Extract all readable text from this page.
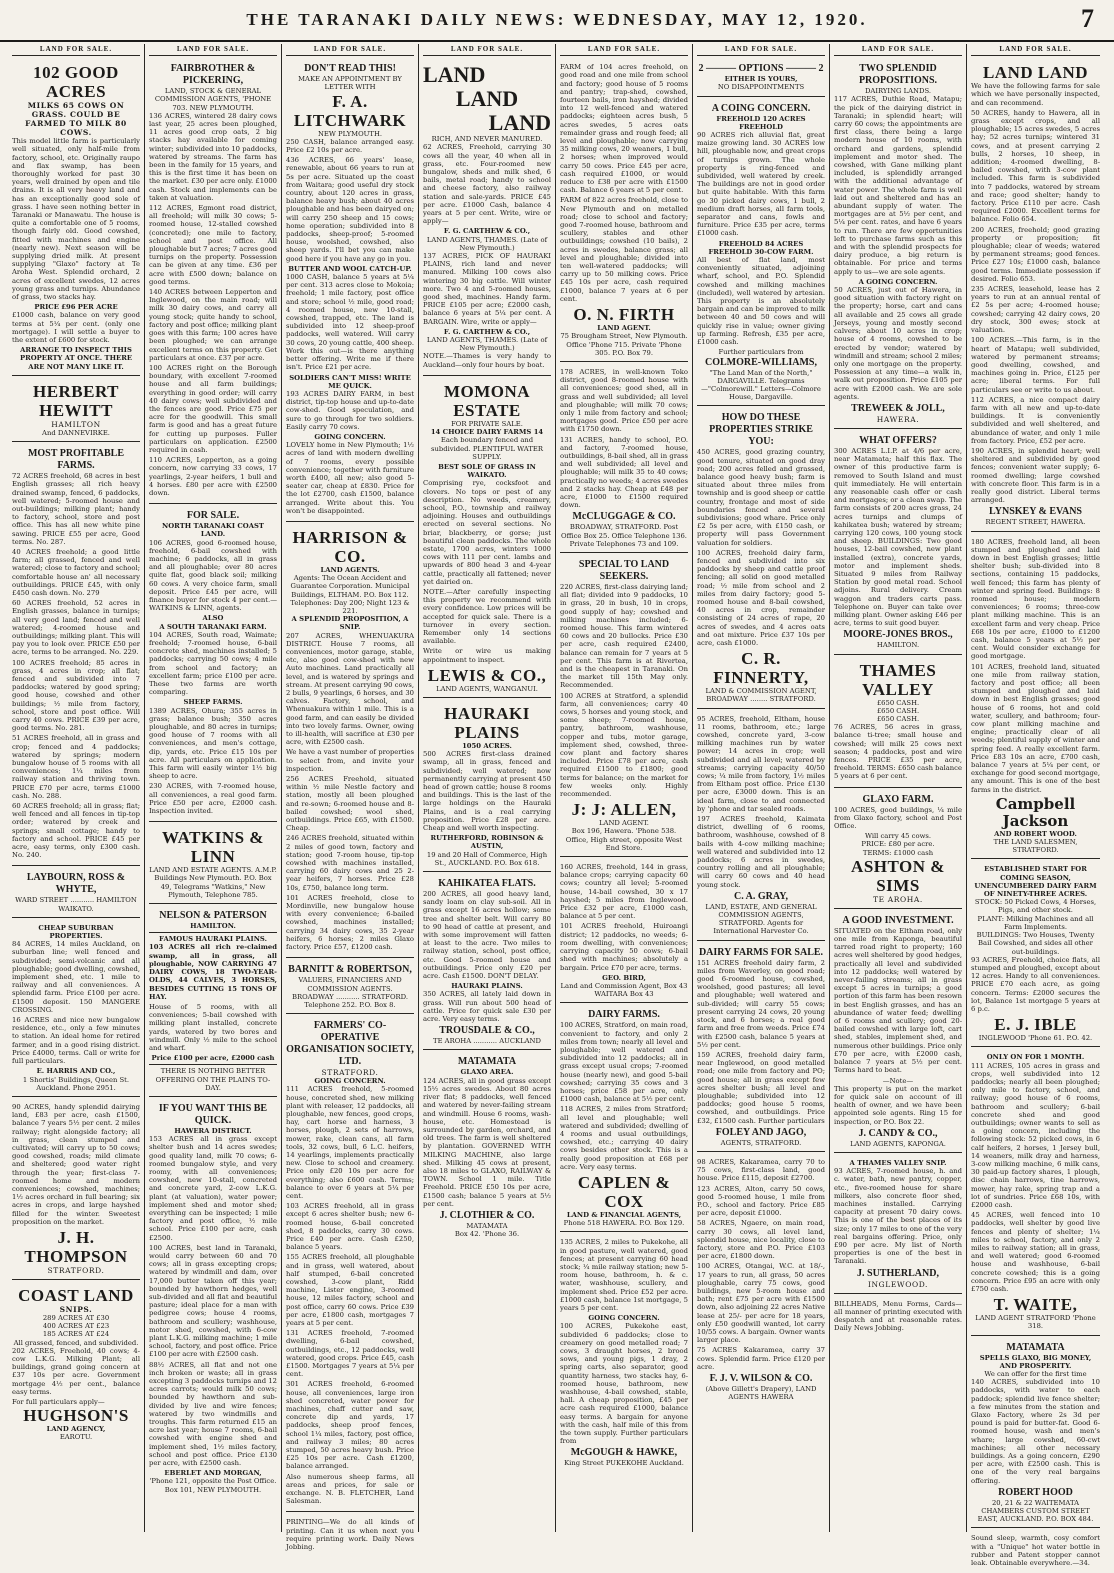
THE TARANAKI DAILY NEWS: WEDNESDAY, MAY 12, 1920.	7
LAND FOR SALE.
102 GOOD ACRES
MILKS 65 COWS ON GRASS. COULD BE FARMED TO MILK 80 COWS.

This model little farm is particularly well situated, only half-mile from factory, school, etc. Originally raupo and flax swamp, has been thoroughly worked for past 30 years, well drained by open and tile drains. It is all very heavy land and has an exceptionally good sole of grass. I have seen nothing better in Taranaki or Manawatu. The house is quite a comfortable one of 5 rooms, though fairly old. Good cowshed, fitted with machines and engine (nearly new). Next season will be supplying dried milk. At present supplying "Glaxo" factory at Te Aroha West. Splendid orchard, 2 acres of excellent swedes, 12 acres young grass and turnips. Abundance of grass, two stacks hay.

PRICE £96 PER ACRE

£1000 cash, balance on very good terms at 5¼ per cent. (only one mortgage). I will settle a buyer to the extent of £600 for stock.

ARRANGE TO INSPECT THIS PROPERTY AT ONCE. THERE ARE NOT MANY LIKE IT.
HERBERT HEWITT
HAMILTON
And DANNEVIRKE.
MOST PROFITABLE FARMS.

72 ACRES freehold, 68 acres in best English grasses; all rich heavy drained swamp, fenced, 6 paddocks, well watered; 5-roomed house and out-buildings; milking plant; handy to factory, school, store and post office. This has all new white pine sawing. PRICE £55 per acre, Good terms. No. 287.

40 ACRES freehold; a good little farm; all grassed, fenced and well watered; close to factory and school; comfortable house an' all necessary outbuildings. PRICE £45, with only £450 cash down. No. 279

60 ACRES freehold, 52 acres in English grasses, balance in turnips; all very good land; fenced and well watered; 4-roomed house and outbuildings; milking plant. This will pay you to look over. PRICE £50 per acre, terms to be arranged. No. 229.

100 ACRES freehold; 85 acres in grass, 4 acres in crop; all flat; fenced and subdivided into 7 paddocks; watered by good spring; good house, cowshed and other buildings; ½ mile from factory, school, store and post office. Will carry 40 cows. PRICE £39 per acre, good terms. No. 281.

51 ACRES freehold, all in grass and crop; fenced and 4 paddocks; watered by springs; modern bungalow house of 5 rooms with all conveniences; 1¼ miles from railway station and thriving town. PRICE £70 per acre, terms £1000 cash. No. 288.

60 ACRES freehold; all in grass; flat; well fenced and all fences in tip-top order; watered by creek and springs; small cottage; handy to factory and school. PRICE £45 per acre, easy terms, only £300 cash. No. 240.

LAYBOURN, ROSS & WHYTE,
WARD STREET ........... HAMILTON WAIKATO.
CHEAP SUBURBAN PROPERTIES.

84 ACRES, 14 miles Auckland, on suburban line; well fenced and subdivided; semi-volcanic and all ploughable; good dwelling, cowshed, implement shed, etc. 1 mile to railway and all conveniences. A splendid farm. Price £100 per acre. £1500 deposit. 150 MANGERE CROSSING.

16 ACRES and nice new bungalow residence, etc., only a few minutes to station. An ideal home for retired farmer, and in a good rising district. Price £4000, terms. Call or write for full particulars.

E. HARRIS AND CO.,
1 Shortis' Buildings, Queen St. Auckland. Phone 2951.

90 ACRES, handy splendid dairying land, £83 per acre, cash £1500, balance 7 years 5½ per cent. 2 miles railway; right alongside factory; all in grass, clean stumped and cultivated; will carry up to 50 cows; good cowshed, roads; mild climate and sheltered; good water right through the year; first-class 7-roomed home and modern conveniences; cowshed, machines; 1½ acres orchard in full bearing; six acres in crops, and large hayshed filled for the winter. Sweetest proposition on the market.

J. H. THOMPSON
STRATFORD.
COAST LAND
SNIPS.
289 ACRES AT £30
400 ACRES AT £23
185 ACRES AT £24
All grassed, fenced, and subdivided.

202 ACRES, Freehold, 40 cows; 4-cow L.K.G. Milking Plant; all buildings, grand going concern at £37 10s per acre. Government mortgage 4½ per cent., balance easy terms.

For full particulars apply—
HUGHSON'S
LAND AGENCY,
EAROTU.
LAND FOR SALE.
FAIRBROTHER & PICKERING,
LAND, STOCK & GENERAL COMMISSION AGENTS, 'PHONE 703. NEW PLYMOUTH.

136 ACRES, wintered 28 dairy cows last year, 25 acres been ploughed, 11 acres good crop oats, 2 big stacks hay available for coming winter; subdivided into 10 paddocks, watered by streams. The farm has been in the family for 15 years, and this is the first time it has been on the market. £30 per acre only. £1000 cash. Stock and implements can be taken at valuation.

112 ACRES, Egmont road district, all freehold; will milk 30 cows; 5-roomed house, 12-stalled cowshed (concreted); one mile to factory, school and post office. All ploughable but 7 acres; 7 acres good turnips on the property. Possession can be given at any time. £36 per acre with £500 down; balance on good terms.

140 ACRES between Lepperton and Inglewood, on the main road; will milk 30 dairy cows, and carry all young stock; quite handy to school, factory and post office; milking plant goes with this farm; 100 acres have been ploughed; we can arrange excellent terms on this property. Get particulars at once. £37 per acre.

100 ACRES right on the Borough boundary, with excellent 7-roomed house and all farm buildings; everything in good order; will carry 40 dairy cows; well subdivided and the fences are good. Price £75 per acre for the goodwill. This small farm is good and has a great future for cutting up purposes. Fuller particulars on application. £2500 required in cash.

110 ACRES, Lepperton, as a going concern, now carrying 33 cows, 17 yearlings, 2-year heifers, 1 bull and 4 horses. £80 per acre with £2500 down.

FOR SALE.
NORTH TARANAKI COAST LAND.

106 ACRES, good 6-roomed house, freehold, 6-bail cowshed with machine; 6 paddocks, all in grass and all ploughable; over 80 acres quite flat, good black soil; milking 60 cows. A very choice farm, small deposit. Price £45 per acre, will finance buyer for stock 4 per cent.—WATKINS & LINN, agents.

ALSO
A SOUTH TARANAKI FARM.

104 ACRES, South road, Waimate; freehold; 7-roomed house, 6-bail concrete shed, machines installed; 5 paddocks; carrying 50 cows; 4 mile from school and factory; an excellent farm; price £100 per acre. These two farms are worth comparing.

SHEEP FARMS.

1389 ACRES, Ohura; 355 acres in grass; balance bush; 350 acres ploughable, and 80 acres in turnips; good house of 7 rooms with all conveniences, and men's cottage, dip, yards, etc. Price £15 10s per acre. All particulars on application. This farm will easily winter 1½ big sheep to acre.

230 ACRES, with 7-roomed house, all conveniences, a real good farm. Price £50 per acre, £2000 cash. Inspection invited.

WATKINS & LINN
LAND AND ESTATE AGENTS. A.M.P. Buildings New Plymouth. P.O. Box 49, Telegrams "Watkins," New Plymouth, Telephone 785.
NELSON & PATERSON
HAMILTON.
FAMOUS HAURAKI PLAINS.

103 ACRES all rich re-claimed swamp, all in grass, all ploughable, NOW CARRYING 47 DAIRY COWS, 18 TWO-YEAR-OLDS, 44 CALVES, 3 HORSES, BESIDES CUTTING 15 TONS OF HAY.

House of 5 rooms, with all conveniences; 5-bail cowshed with milking plant installed, concrete yards, watered by two bores and windmill. Only ½ mile to the school and wharf.

Price £100 per acre, £2000 cash
THERE IS NOTHING BETTER OFFERING ON THE PLAINS TO-DAY.
IF YOU WANT THIS BE QUICK.
HAWERA DISTRICT.

153 ACRES all in grass except shelter bush and 14 acres swedes; good quality land, milk 70 cows; 6-roomed bungalow style, and very roomy, with all conveniences; cowshed, new 10-stall, concreted and concrete yard, 2-cow L.K.G. plant (at valuation), water power; implement shed and motor shed; everything can be inspected; 1 mile factory and post office, ½ mile school. Price £100 per acre, cash £2500.

100 ACRES, best land in Taranaki, would carry between 60 and 70 cows; all in grass excepting crops; watered by windmill and dam, over 17,000 butter taken off this year; bounded by hawthorn hedges, well sub-divided and all flat and beautiful pasture; ideal place for a man with pedigree cows; house 4 rooms, bathroom and scullery; washhouse, motor shed, cowshed, with 6-cow plant L.K.G. milking machine; 1 mile school, factory, and post office. Price £100 per acre with £2500 cash.

88½ ACRES, all flat and not one inch broken or waste; all in grass excepting 3 paddocks turnips and 12 acres carrots; would milk 50 cows; bounded by hawthorn and sub-divided by live and wire fences; watered by two windmills and troughs. This farm returned £15 an acre last year; house 7 rooms, 6-bail cowshed with engine shed and implement shed, 1½ miles factory, school and post office. Price £130 per acre, with £2500 cash.

EBERLET AND MORGAN,
'Phone 121, opposite the Post Office. Box 101, NEW PLYMOUTH.
LAND FOR SALE.
DON'T READ THIS!
MAKE AN APPOINTMENT BY LETTER WITH
F. A. LITCHWARK
NEW PLYMOUTH.

250 CASH, balance arranged easy. Price £2 10s per acre.

436 ACRES, 66 years' lease, renewable, about 66 years to run at 5s per acre. Situated up the coast from Waitara; good useful dry stock country, about 120 acres in grass, balance heavy bush; about 40 acres ploughable and has been dairyed on; will carry 250 sheep and 15 cows; home operation; subdivided into 8 paddocks, sheep-proof; 5-roomed house, woolshed, cowshed, also sheep yards. I'll bet you can make good here if you have any go in you.

BUTTER AND WOOL CATCH-UP.

1000 CASH, balance 5 years at 5¼ per cent. 313 acres close to Mokoia; freehold; 1 mile factory, post office and store; school ½ mile, good road; 4 roomed house, new 10-stall, cowshed, trapped, etc. The land is subdivided into 12 sheep-proof paddocks, well watered. Will carry 30 cows, 20 young cattle, 400 sheep. Work this out—is there anything better offering. Write me if there isn't. Price £21 per acre.

SOLDIERS CAN'T MISS! WRITE ME QUICK.

193 ACRES DAIRY FARM, in best district, tip-top house and up-to-date cow-shed. Good speculation, and sure to go through for two soldiers. Easily carry 70 cows.

GOING CONCERN.

LOVELY home in New Plymouth; 1½ acres of land with modern dwelling of 7 rooms, every possible convenience; together with furniture worth £400, all new; also good 5-seater car, cheap at £830. Price for the lot £2700, cash £1500, balance arranged. Write about this. You won't be disappointed.

HARRISON & CO.
LAND AGENTS.
Agents: The Ocean Accident and Guarantee Corporation. Municipal Buildings, ELTHAM. P.O. Box 112. Telephones: Day 200; Night 123 & 221.
A SPLENDID PROPOSITION, A SNIP.

207 ACRES, WHENUAKURA DISTRICT. House 7 rooms, all conveniences, motor garage, stable, etc, also good cow-shed with new Auto machines. Land practically all level, and is watered by springs and stream. At present carrying 90 cows, 2 bulls, 9 yearlings, 6 horses, and 30 calves. Factory, school, and Whenuakura within 1 mile. This is a good farm, and can easily be divided into two lovely farms. Owner, owing to ill-health, will sacrifice at £30 per acre, with £2500 cash.

We have a vast number of properties to select from, and invite your inspection.

256 ACRES Freehold, situated within ½ mile Nestle factory and station, mostly all been ploughed and re-sown; 6-roomed house and 8-bailed cowshed; wool shed, outbuildings. Price £65, with £1500. Cheap.

246 ACRES freehold, situated within 2 miles of good town, factory and station; good 7-room house, tip-top cowshed with machines installed, carrying 60 dairy cows and 25 2-year heifers, 7 horses. Price £28 10s, £750, balance long term.

101 ACRES freehold, close to Mordinville, new bungalow house with every convenience; 6-bailed cowshed, machines installed; carrying 34 dairy cows, 35 2-year heifers, 6 horses; 2 miles Glaxo factory. Price £57, £1200 cash.

BARNITT & ROBERTSON,
VALUERS, FINANCIERS AND COMMISSION AGENTS. BROADWAY ........... STRATFORD. Telephone 252. P.O. Box 8.
FARMERS' CO-OPERATIVE ORGANISATION SOCIETY, LTD.
STRATFORD.
GOING CONCERN.

111 ACRES freehold, 5-roomed house, concreted shed, new milking plant with releaser, 12 paddocks, all ploughable, new fences, good crops, hay, cart horse and harness, 3 horses, plough, 2 sets of harrows, mower, rake, clean cans, all farm tools, 32 cows, bull, 6 L.C. heifers, 14 yearlings, implements practically new. Close to school and creamery. Price only £20 10s per acre for everything; also £600 cash. Terms; balance to over 6 years at 5¼ per cent.

103 ACRES freehold, all in grass except 6 acres shelter bush; new 6-roomed house, 6-bail concreted shed, 8 paddocks, carry 30 cows. Price £40 per acre. Cash £250, balance 5 years.

155 ACRES freehold, all ploughable and in grass, well watered, about half stumped, 6-bail concreted cowshed, 3-cow plant, Ridd machine, Lister engine, 3-roomed house, 12 miles factory, school and post office, carry 60 cows. Price £39 per acre, £1800 cash, mortgages 7 years at 5 per cent.

131 ACRES freehold, 7-roomed dwelling, 6-bail cowshed, outbuildings, etc., 12 paddocks, well watered, good crops. Price £45, cash £1500. Mortgages 7 years at 5¼ per cent.

301 ACRES freehold, 6-roomed house, all conveniences, large iron shed concreted, water power for machines, chaff cutter and saw, concrete dip and yards, 17 paddocks, sheep proof fences, school 1¼ miles, factory, post office, and railway 3 miles; 80 acres stumped, 50 acres heavy bush. Price £25 10s per acre. Cash £1200, balance arranged.

Also numerous sheep farms, all areas and prices, for sale or exchange. N. B. FLETCHER, Land Salesman.

PRINTING—We do all kinds of printing. Can it us when next you require printing work. Daily News Jobbing.

LAND FOR SALE.
LAND
LAND
LAND
RICH, AND NEVER MANURED.

62 ACRES, Freehold, carrying 30 cows all the year, 40 when all in grass, etc. Four-roomed new bungalow, sheds and milk shed, 6 bails, metal road; handy to school and cheese factory, also railway station and sale-yards. PRICE £45 per acre. £1000 Cash, balance 4 years at 5 per cent. Write, wire or apply—

F. G. CARTHEW & CO.,
LAND AGENTS, THAMES. (Late of New Plymouth.)

137 ACRES, PICK OF HAURAKI PLAINS, rich land and never manured. Milking 100 cows also wintering 30 big cattle. Will winter more. Two 4 and 5-roomed houses, good shed, machines. Handy farm. PRICE £105 per acre; £2000 cash, balance 6 years at 5¼ per cent. A BARGAIN. Wire, write or apply—

F. G. CARTHEW & CO.,
LAND AGENTS, THAMES. (Late of New Plymouth.)

NOTE.—Thames is very handy to Auckland—only four hours by boat.

MOMONA ESTATE
FOR PRIVATE SALE.
14 CHOICE DAIRY FARMS 14

Each boundary fenced and subdivided. PLENTIFUL WATER SUPPLY.

BEST SOLE OF GRASS IN WAIKATO.

Comprising rye, cocksfoot and clovers. No tops or pest of any description. No weeds, creamery, school, P.O., township and railway adjoining. Houses and outbuildings erected on several sections. No briar, blackberry, or gorse; just beautiful clean paddocks. The whole estate, 1700 acres, winters 1000 cows with 111 per cent. lambs and upwards of 800 head 3 and 4-year cattle, practically all fattened; never yet dairied on.

NOTE.—After carefully inspecting this property we recommend with every confidence. Low prices will be accepted for quick sale. There is a turnover in every section. Remember only 14 sections available.

Write or wire us making appointment to inspect.

LEWIS & CO.,
LAND AGENTS, WANGANUI.
HAURAKI PLAINS
1050 ACRES.

500 ACRES first-class drained swamp, all in grass, fenced and subdivided; well watered; now permanently carrying at present 450 head of grown cattle; house 8 rooms and buildings. This is the last of the large holdings on the Hauraki Plains, and is a real carrying proposition. Price £28 per acre. Cheap and well worth inspecting.

RUTHERFORD, ROBINSON & AUSTIN,
19 and 20 Hall of Commerce, High St., AUCKLAND. P.O. Box 618.
KAHIKATEA FLATS.

200 ACRES, all good heavy land, sandy loam on clay sub-soil. All in grass except 16 acres hollow; some tree and shelter belt. Will carry 80 to 90 head of cattle at present, and with some improvement will fatten at least to the acre. Two miles to railway station, school, post office, etc. Good 5-roomed house and outbuildings. Price only £20 per acre. Cash £1500. DON'T DELAY.

HAURAKI PLAINS.

350 ACRES, all lately laid down in grass. Will run about 500 head of cattle. Price for quick sale £30 per acre. Very easy terms.

TROUSDALE & CO.,
TE AROHA ........... AUCKLAND
MATAMATA
GLAXO AREA.

124 ACRES, all in good grass except 15½ acres swedes. About 80 acres river flat; 8 paddocks, well fenced and watered by never-failing stream and windmill. House 6 rooms, wash-house, etc. Homestead is surrounded by garden, orchard, and old trees. The farm is well sheltered by plantation. GOVERNED WITH MILKING MACHINE, also large shed. Milking 45 cows at present, also 18 miles to GLAXO, RAILWAY & TOWN. School 1 mile. Title Freehold. PRICE £50 10s per acre, £1500 cash; balance 5 years at 5½ per cent.

J. CLOTHIER & CO.
MATAMATA
Box 42. 'Phone 36.
LAND FOR SALE.

FARM of 104 acres freehold, on good road and one mile from school and factory; good house of 5 rooms and pantry; trap-shed, cowshed, fourteen bails, iron hayshed; divided into 12 well-fenced and watered paddocks; eighteen acres bush, 5 acres swedes, 5 acres oats remainder grass and rough feed; all level and ploughable; now carrying 35 milking cows, 20 weaners, 1 bull, 2 horses; when improved would carry 50 cows. Price £45 per acre, cash required £1000, or would reduce to £38 per acre with £1500 cash. Balance 6 years at 5 per cent.

FARM of 822 acres freehold, close to New Plymouth and on metalled road; close to school and factory; good 7-roomed house, bathroom and scullery, stables and other outbuildings; cowshed (10 bails), 2 acres in swedes, balance grass; all level and ploughable; divided into ten well-watered paddocks; will carry up to 50 milking cows. Price £45 10s per acre, cash required £1000, balance 7 years at 6 per cent.

O. N. FIRTH
LAND AGENT.
75 Brougham Street, New Plymouth. Office 'Phone 715. Private 'Phone 305. P.O. Box 79.

178 ACRES, in well-known Toko district, good 8-roomed house with all conveniences; good shed, all in grass and well subdivided; all level and ploughable; will milk 70 cows; only 1 mile from factory and school; mortgages good. Price £50 per acre with £1750 down.

131 ACRES, handy to school, P.O. and factory, 7-roomed house, outbuildings, 8-bail shed, all in grass and well subdivided; all level and ploughable; will milk 35 to 40 cows; practically no weeds; 4 acres swedes and 2 stacks hay. Cheap at £48 per acre, £1000 to £1500 required down.

McCLUGGAGE & CO.
BROADWAY, STRATFORD. Post Office Box 25. Office Telephone 136. Private Telephones 73 and 109.
SPECIAL TO LAND SEEKERS.

220 ACRES, first-class dairying land; all flat; divided into 9 paddocks, 10 in grass, 20 in bush, 10 in crops, good supply of hay; cowshed and milking machines included; 6-roomed house. This farm wintered 60 cows and 20 bullocks. Price £30 per acre, cash required £2400, balance can remain for 7 years at 5 per cent. This farm is at Rivertea, and is the cheapest in Taranaki. On the market till 15th May only. Recommended.

100 ACRES at Stratford, a splendid farm, all conveniences; carry 40 cows, 5 horses and young stock, and some sheep; 7-roomed house, pantry, bathroom, washhouse, copper and tubs, motor garage, implement shed, cowshed, three-cow plant and factory shares included. Price £78 per acre, cash required £1500 to £1800; good terms for balance; on the market for few weeks only. Highly recommended.

J: J: ALLEN,
LAND AGENT.
Box 196, Hawera. 'Phone 538. Office, High street, opposite West End Store.

160 ACRES, freehold, 144 in grass, balance crops; carrying capacity 60 cows; country all level; 5-roomed house, 14-bail cowshed, 30 x 17 hayshed; 5 miles from Inglewood. Price £32 per acre, £1000 cash, balance at 5 per cent.

101 ACRES freehold, Huiroangi district; 12 paddocks, no weeds; 6-room dwelling, with conveniences; carrying capacity 50 cows; 6-bail shed with machines; absolutely a bargain. Price £70 per acre, terms.

GEO. BIRD,
Land and Commission Agent, Box 43 WAITARA Box 43
DAIRY FARMS.

100 ACRES, Stratford, on main road, convenient to factory, and only 2 miles from town; nearly all level and ploughable; well watered and subdivided into 12 paddocks; all in grass except usual crops; 7-roomed house (nearly new), and good 5-bail cowshed; carrying 35 cows and 3 horses; price £58 per acre, only £1000 cash, balance at 5½ per cent.

118 ACRES, 2 miles from Stratford; all level and ploughable; well watered and subdivided; dwelling of 4 rooms and usual outbuildings, cowshed, etc.; carrying 40 dairy cows besides other stock. This is a really good proposition at £68 per acre. Very easy terms.

CAPLEN & COX
LAND & FINANCIAL AGENTS,
Phone 518 HAWERA. P.O. Box 129.

135 ACRES, 2 miles to Pukekohe, all in good pasture, well watered, good fences; at present carrying 60 head stock; ¼ mile railway station; new 5-room house, bathroom, h. & c. water, washhouse, scullery, and implement shed. Price £52 per acre. £1000 cash, balance 1st mortgage, 5 years 5 per cent.

GOING CONCERN.

100 ACRES, Pukekohe east, subdivided 6 paddocks; close to creamery on good metalled road; 7 cows, 3 draught horses, 2 brood sows, and young pigs, 1 dray, 2 spring carts, also separator, good quantity harness, two stacks hay, 6-roomed house, bathroom, new washhouse, 4-bail cowshed, stable, hall. A cheap proposition, £45 per acre cash required £1000, balance easy terms. A bargain for anyone with the cash, half mile of this from the town supply. Further particulars from

McGOUGH & HAWKE,
King Street PUKEKOHE Auckland.
LAND FOR SALE.
2 ——— OPTIONS ——— 2
EITHER IS YOURS,
NO DISAPPOINTMENTS
A COING CONCERN.
FREEHOLD 120 ACRES FREEHOLD

90 ACRES rich alluvial flat, great maize growing land. 30 ACRES low hill, ploughable now, and great crops of turnips grown. The whole property is ring-fenced and subdivided, well watered by creek. The buildings are not in good order but quite habitable. With this farm go 30 picked dairy cows, 1 bull, 2 medium draft horses, all farm tools, separator and cans, fowls and furniture. Price £35 per acre, terms £1000 cash.

FREEHOLD 84 ACRES FREEHOLD 30-COW FARM.

All best of flat land, most conveniently situated, adjoining wharf, school, and P.O. Splendid cowshed and milking machines (included), well watered by artesian. This property is an absolutely bargain and can be improved to milk between 40 and 50 cows and will quickly rise in value; owner giving up farming. Refresh, £35 per acre, £1000 cash.

Further particulars from
COLMORE-WILLIAMS,
"The Land Man of the North," DARGAVILLE. Telegrams—"Colmorewill." Letters—Colmore House, Dargaville.
HOW DO THESE PROPERTIES STRIKE YOU:

450 ACRES, good grazing country, good tenure, situated on good dray road; 200 acres felled and grassed, balance good heavy bush; farm is situated about three miles from township and is good sheep or cattle country, frontage and most of side boundaries fenced and several subdivisions; good whare. Price only £2 5s per acre, with £150 cash, or property will pass Government valuation for soldiers.

100 ACRES, freehold dairy farm, fenced and subdivided into six paddocks by sheep and cattle proof fencing; all solid on good metalled road; ½ mile from school and 2 miles from dairy factory; good 5-roomed house and 8-bail cowshed, 40 acres in crop, remainder consisting of 24 acres of rape, 20 acres of swedes, and 4 acres oats and oat mixture. Price £37 10s per acre, cash £1000.

C. R. FINNERTY,
LAND & COMMISSION AGENT, BROADWAY ........ STRATFORD.

95 ACRES, freehold, Eltham, house 11 rooms, bathroom, etc.; large cowshed, concrete yard, 3-cow milking machines run by water power; 14 acres in crop; well subdivided and all level; watered by streams; carrying capacity 40/50 cows; ¼ mile from factory, 1½ miles from Eltham post office. Price £130 per acre, £3000 down. This is an ideal farm, close to and connected by 'phone and tar sealed roads.

197 ACRES freehold, Kaimata district, dwelling of 6 rooms, bathroom, washhouse, cowshed of 8 bails with 4-cow milking machine; well watered and subdivided into 12 paddocks; 6 acres in swedes, country rolling and all ploughable; will carry 60 cows and 40 head young stock.

C. A. GRAY,
LAND, ESTATE, AND GENERAL COMMISSION AGENTS, STRATFORD. Agents for International Harvester Co.
DAIRY FARMS FOR SALE.

151 ACRES freehold dairy farm, 2 miles from Waverley, on good road; good 6-roomed house, cowshed, woolshed, good pastures; all level and ploughable; well watered and sub-divided; will carry 55 cows; present carrying 24 cows, 20 young stock, and 6 horses; a real good farm and free from weeds. Price £74 with £2500 cash, balance 5 years at 5½ per cent.

159 ACRES, freehold dairy farm, near Inglewood, on good metalled road; one mile from factory and PO; good house; all in grass except few acres shelter bush; all level and ploughable; subdivided into 12 paddocks; good house 5 rooms, cowshed, and outbuildings. Price £32, £1500 cash. Further particulars

FOLEY AND JAGO,
AGENTS, STRATFORD.

98 ACRES, Kakaramea, carry 70 to 75 cows, first-class land, good house. Price £115, deposit £2700.

123 ACRES, Alton, carry 50 cows, good 5-roomed house, 1 mile from P.O., school and factory. Price £85 per acre, deposit £1000.

58 ACRES, Ngaere, on main road, carry 30 cows, all level land, splendid house, nice locality, close to factory, store and P.O. Price £103 per acre, £1800 down.

100 ACRES, Otangai, W.C. at 18/-, 17 years to run, all grass, 50 acres ploughable, carry 75 cows, good buildings, new 5-room house and bath; rent £75 per acre with £1500 down, also adjoining 22 acres Native lease at 25/- per acre for 18 years, only £50 goodwill wanted, lot carry 10/55 cows. A bargain. Owner wants larger place.

75 ACRES Kakaramea, carry 37 cows. Splendid farm. Price £120 per acre.

F. J. V. WILSON & CO.
(Above Gillett's Drapery), LAND AGENTS HAWERA
LAND FOR SALE.
TWO SPLENDID PROPOSITIONS.
DAIRYING LANDS.

117 ACRES, Duthie Road, Matapu; the pick of the dairying district in Taranaki; in splendid heart; will carry 60 cows; the appointments are first class, there being a large modern house of 10 rooms, with orchard and gardens, splendid implement and motor shed. The cowshed, with Gane milking plant included, is splendidly arranged with the additional advantage of water power. The whole farm is well laid out and sheltered and has an abundant supply of water. The mortgages are at 5½ per cent, and 5¼ per cent. rates, and have 6 years to run. There are few opportunities left to purchase farms such as this and with the splendid prospects for dairy produce, a big return is obtainable. For price and terms apply to us—we are sole agents.

A GOING CONCERN.

50 ACRES, just out of Hawera, in good situation with factory right on the property; horse, cart and cans all available and 25 cows all grade Jerseys, young and mostly second calvers; about 10 acres in crop; house of 4 rooms, cowshed to be erected by vendor; watered by windmill and stream; school 2 miles; only one mortgage on the property. Possession at any time—a walk in, walk out proposition. Price £105 per acre with £2000 cash. We are sole agents.

TREWEEK & JOLL,
HAWERA.
WHAT OFFERS?

300 ACRES L.I.P. at 4/6 per acre, near Matamata; half this flax. The owner of this productive farm is removed to South Island and must quit immediately. He will entertain any reasonable cash offer or cash and mortgages; or a clean swap. The farm consists of 200 acres grass, 24 acres turnips and clumps of kahikatea bush; watered by stream; carrying 120 cows, 100 young stock and sheep. BUILDINGS: Two good houses, 12-bail cowshed, new plant installed (extra), concrete yards, motor and implement sheds. Situated 9 miles from Railway Station by good metal road. School adjoins. Rural delivery. Cream waggon and traders carts pass. Telephone on. Buyer can take over milking plant. Owner asking £46 per acre, terms to suit good buyer.

MOORE-JONES BROS.,
HAMILTON.
THAMES VALLEY
£650 CASH.
£650 CASH.
£650 CASH.

76 ACRES, 56 acres in grass, balance ti-tree; small house and cowshed; will milk 25 cows next season; 4 paddocks, post and wire fences. PRICE £35 per acre, freehold. TERMS: £650 cash balance 5 years at 6 per cent.

GLAXO FARM.

100 ACRES, good buildings, ¼ mile from Glaxo factory, school and Post Office.

Will carry 45 cows.
PRICE: £80 per acre.
TERMS: £1000 cash
ASHTON & SIMS
TE AROHA.
A GOOD INVESTMENT.

SITUATED on the Eltham road, only one mile from Kaponga, beautiful tarred road right to property; 160 acres well sheltered by good hedges, practically all level and subdivided into 12 paddocks; well watered by never-failing streams; all in grass except 5 acres in turnips; a good portion of this farm has been resown in best English grasses, and has an abundance of water feed; dwelling of 6 rooms and scullery; good 20-bailed cowshed with large loft, cart shed, stables, implement shed, and numerous other buildings. Price only £70 per acre, with £2000 cash, balance 7 years at 5½ per cent. Terms hard to beat.

—Note—

This property is put on the market for quick sale on account of ill health of owner, and we have been appointed sole agents. Ring 15 for inspection, or P.O. Box 22.

J. CANDY & CO.,
LAND AGENTS, KAPONGA.
A THAMES VALLEY SNIP.

93 ACRES, 7-roomed house, h. and c. water, bath, new pantry, copper, etc., five-roomed house for share milkers, also concrete floor shed, machines installed. Carrying capacity at present 70 dairy cows. This is one of the best places of its size; only 17 miles to one of the very real bargains offering. Price, only £90 per acre. My list of North properties is one of the best in Taranaki.

J. SUTHERLAND,
INGLEWOOD.

BILLHEADS, Menu Forms, Cards—all manner of printing executed with despatch and at reasonable rates. Daily News Jobbing.

LAND FOR SALE.
LAND LAND

We have the following farms for sale which we have personally inspected, and can recommend.

50 ACRES, handy to Hawera, all in grass except crops, and all ploughable; 15 acres swedes, 5 acres hay; 52 acres turnips; wintered 31 cows, and at present carrying 2 bulls, 2 horses, 10 sheep, in addition; 4-roomed dwelling, 8-bailed cowshed, with 3-cow plant included. This farm is subdivided into 7 paddocks, watered by stream and race; good shelter; handy to factory. Price £110 per acre. Cash required £2000. Excellent terms for balance. Folio 654.

200 ACRES, freehold; good grazing property or proposition; fit ploughable; clear of weeds; watered by permanent streams; good fences. Price £27 10s; £1000 cash, balance good terms. Immediate possession if desired. Folio 653.

235 ACRES, leasehold, lease has 2 years to run at an annual rental of £2 5s per acre; 4-roomed house; cowshed; carrying 42 dairy cows, 20 dry stock, 300 ewes; stock at valuation.

100 ACRES.—This farm, is in the heart of Matapu; well subdivided, watered by permanent streams; good dwelling, cowshed, and machines going in. Price, £125 per acre; liberal terms. For full particulars see or write to us about.

112 ACRES, a nice compact dairy farm with all new and up-to-date buildings. It is conveniently subdivided and well sheltered, and abundance of water, and only 1 mile from factory. Price, £52 per acre.

190 ACRES, in splendid heart; well sheltered and subdivided by good fences; convenient water supply; 6-roomed dwelling; large cowshed with concrete floor. This farm is in a really good district. Liberal terms arranged.

LYNSKEY & EVANS
REGENT STREET, HAWERA.

180 ACRES, freehold land, all been stumped and ploughed and laid down in best English grasses; little shelter bush; sub-divided into 8 sections, containing 15 paddocks, well fenced; this farm has plenty of winter and spring feed. Buildings: 8 roomed house; modern conveniences; 6 rooms; three-cow plant milking machine. This is an excellent farm and very cheap. Price £68 10s per acre, £1000 to £1200 cash, balance 5 years at 5½ per cent. Would consider exchange for good mortgage.

101 ACRES, freehold land, situated one mile from railway station, factory and post office; all been stumped and ploughed and laid down in best English grasses; good house of 6 rooms, hot and cold water, scullery, and bathroom; four-cow plant milking machine and engine; practically clear of all weeds; plentiful supply of winter and spring feed. A really excellent farm. Price £83 10s an acre, £700 cash, balance 7 years at 5¼ per cent, or exchange for good second mortgage, any amount. This is one of the best farms in the district.

Campbell Jackson
AND ROBERT WOOD.
THE LAND SALESMEN, STRATFORD.
ESTABLISHED START FOR COMING SEASON,
UNENCUMBERED DAIRY FARM OF NINETY-THREE ACRES.
STOCK: 50 Picked Cows, 4 Horses, Pigs, and other stock.
PLANT: Milking Machines and all Farm Implements.
BUILDINGS: Two Houses, Twenty Bail Cowshed, and sides all other out-buildings.

93 ACRES, Freehold, choice flats, all stumped and ploughed, except about 12 acres. Handy to all conveniences. PRICE £70 each acre, as going concern. Terms: £2000 secures the lot, Balance 1st mortgage 5 years at 6 p.c.

E. J. IBLE
INGLEWOOD 'Phone 61. P.O. 42.
ONLY ON FOR 1 MONTH.

111 ACRES, 105 acres in grass and crops, well subdivided into 12 paddocks; nearly all been ploughed; only mile to factory, school, and railway; good house of 6 rooms, bathroom and scullery; 6-bail concrete shed and good outbuildings; owner wants to sell as a going concern, including the following stock: 52 picked cows, in 6 calf heifers, 2 horses, 1 Jersey bull, 14 weaners, milk dray and harness, 3-cow milking machine, 6 milk cans, 30 paid-up factory shares, 1 plough, disc chain harrows, tine harrows, mower, hay rake, spring trap and a lot of sundries. Price £68 10s, with £2000 cash.

45 ACRES, well fenced into 10 paddocks, well shelter by good live fences and plenty of shelter; 1¼ miles to school, factory, and only 2 miles to railway station; all in grass, and well watered; good 6-roomed house and washhouse, 6-bail concrete cowshed; this is a going concern. Price £95 an acre with only £750 cash.

T. WAITE,
LAND AGENT STRATFORD 'Phone 318.
MATAMATA
SPELLS GLAXO, BIG MONEY, AND PROSPERITY.
We can offer for the first time

140 ACRES, subdivided into 10 paddocks, with water to each paddock; splendid live fence shelter; a few minutes from the station and Glaxo Factory, where 2s 3d per pound is paid for butter-fat. Good 6-roomed house, wash and men's whare; large cowshed, 60-cwt machines; all other necessary buildings. As a going concern, £290 per acre, with £2500 cash. This is one of the very real bargains offering.

ROBERT HOOD
20, 21 & 22 WAITEMATA CHAMBERS CUSTOM STREET EAST, AUCKLAND. P.O. BOX 484.

Sound sleep, warmth, cosy comfort with a "Unique" hot water bottle in rubber and Patent stopper cannot leak. Obtainable everywhere.—34.
